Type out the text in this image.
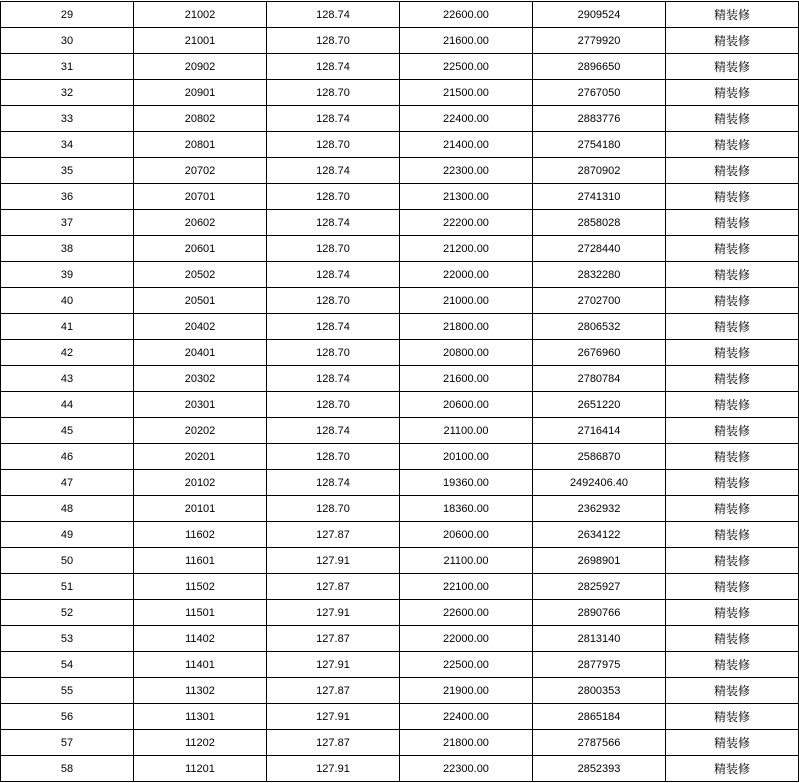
29	21002	128.74	22600.00	2909524	精装修
30	21001	128.70	21600.00	2779920	精装修
31	20902	128.74	22500.00	2896650	精装修
32	20901	128.70	21500.00	2767050	精装修
33	20802	128.74	22400.00	2883776	精装修
34	20801	128.70	21400.00	2754180	精装修
35	20702	128.74	22300.00	2870902	精装修
36	20701	128.70	21300.00	2741310	精装修
37	20602	128.74	22200.00	2858028	精装修
38	20601	128.70	21200.00	2728440	精装修
39	20502	128.74	22000.00	2832280	精装修
40	20501	128.70	21000.00	2702700	精装修
41	20402	128.74	21800.00	2806532	精装修
42	20401	128.70	20800.00	2676960	精装修
43	20302	128.74	21600.00	2780784	精装修
44	20301	128.70	20600.00	2651220	精装修
45	20202	128.74	21100.00	2716414	精装修
46	20201	128.70	20100.00	2586870	精装修
47	20102	128.74	19360.00	2492406.40	精装修
48	20101	128.70	18360.00	2362932	精装修
49	11602	127.87	20600.00	2634122	精装修
50	11601	127.91	21100.00	2698901	精装修
51	11502	127.87	22100.00	2825927	精装修
52	11501	127.91	22600.00	2890766	精装修
53	11402	127.87	22000.00	2813140	精装修
54	11401	127.91	22500.00	2877975	精装修
55	11302	127.87	21900.00	2800353	精装修
56	11301	127.91	22400.00	2865184	精装修
57	11202	127.87	21800.00	2787566	精装修
58	11201	127.91	22300.00	2852393	精装修
